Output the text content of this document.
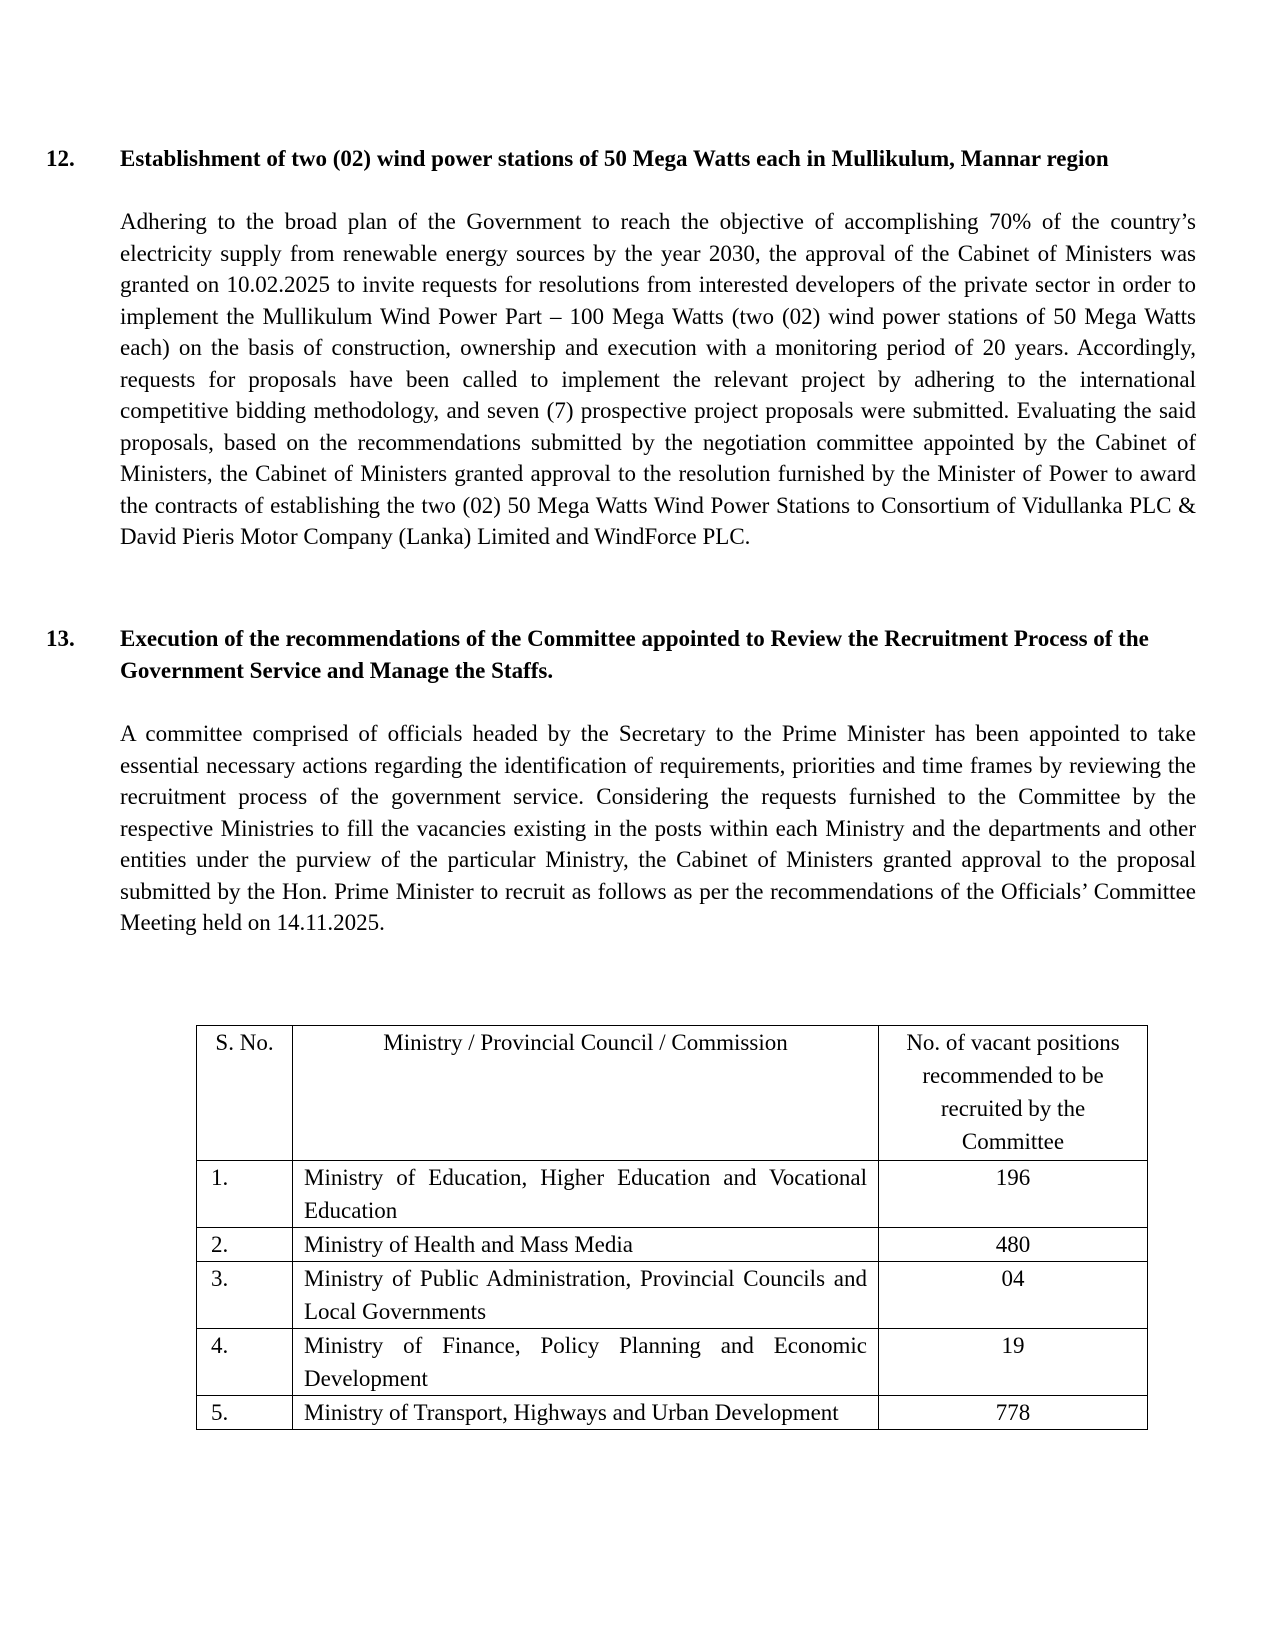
12.	Establishment of two (02) wind power stations of 50 Mega Watts each in Mullikulum, Mannar region
Adhering to the broad plan of the Government to reach the objective of accomplishing 70% of the country’s electricity supply from renewable energy sources by the year 2030, the approval of the Cabinet of Ministers was granted on 10.02.2025 to invite requests for resolutions from interested developers of the private sector in order to implement the Mullikulum Wind Power Part – 100 Mega Watts (two (02) wind power stations of 50 Mega Watts each) on the basis of construction, ownership and execution with a monitoring period of 20 years. Accordingly, requests for proposals have been called to implement the relevant project by adhering to the international competitive bidding methodology, and seven (7) prospective project proposals were submitted. Evaluating the said proposals, based on the recommendations submitted by the negotiation committee appointed by the Cabinet of Ministers, the Cabinet of Ministers granted approval to the resolution furnished by the Minister of Power to award the contracts of establishing the two (02) 50 Mega Watts Wind Power Stations to Consortium of Vidullanka PLC & David Pieris Motor Company (Lanka) Limited and WindForce PLC.
13.	Execution of the recommendations of the Committee appointed to Review the Recruitment Process of the Government Service and Manage the Staffs.
A committee comprised of officials headed by the Secretary to the Prime Minister has been appointed to take essential necessary actions regarding the identification of requirements, priorities and time frames by reviewing the recruitment process of the government service. Considering the requests furnished to the Committee by the respective Ministries to fill the vacancies existing in the posts within each Ministry and the departments and other entities under the purview of the particular Ministry, the Cabinet of Ministers granted approval to the proposal submitted by the Hon. Prime Minister to recruit as follows as per the recommendations of the Officials’ Committee Meeting held on 14.11.2025.
S. No.	Ministry / Provincial Council / Commission	No. of vacant positions recommended to be recruited by the Committee
1.	Ministry of Education, Higher Education and Vocational Education	196
2.	Ministry of Health and Mass Media	480
3.	Ministry of Public Administration, Provincial Councils and Local Governments	04
4.	Ministry of Finance, Policy Planning and Economic Development	19
5.	Ministry of Transport, Highways and Urban Development	778
